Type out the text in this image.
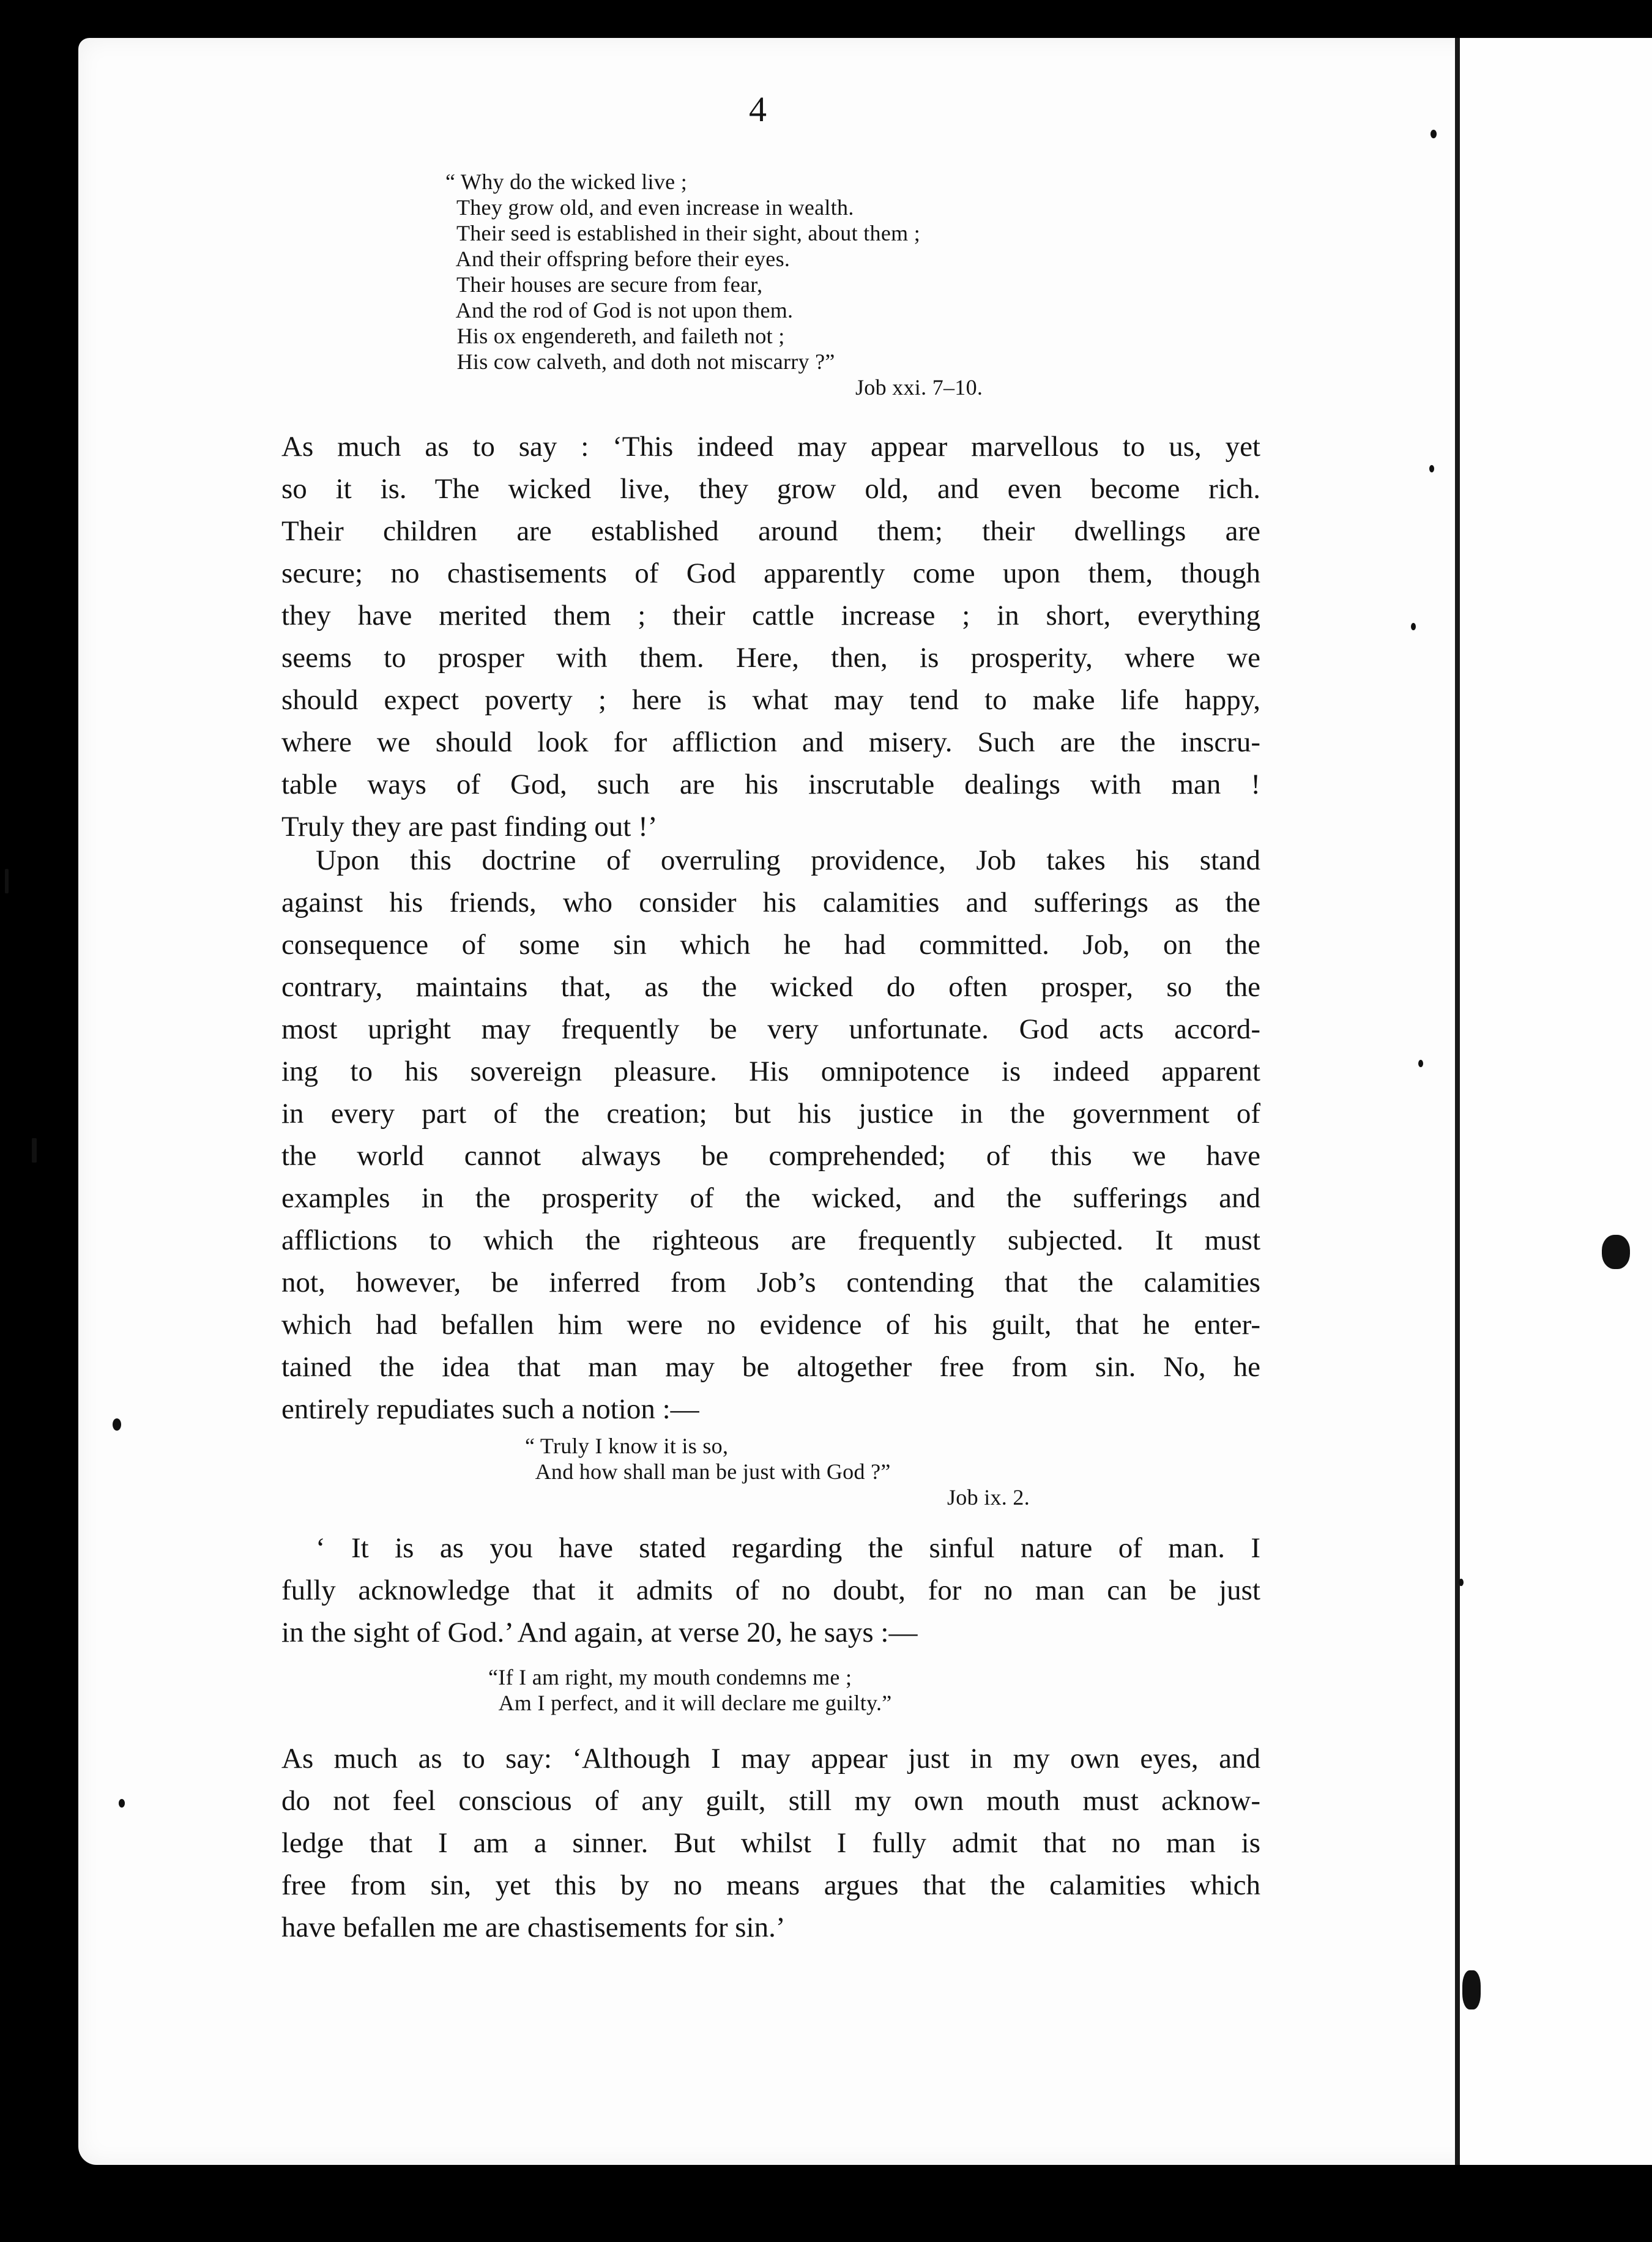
4
“ Why do the wicked live ;
They grow old, and even increase in wealth.
Their seed is established in their sight, about them ;
And their offspring before their eyes.
Their houses are secure from fear,
And the rod of God is not upon them.
His ox engendereth, and faileth not ;
His cow calveth, and doth not miscarry ?”
Job xxi. 7–10.
As much as to say : ‘This indeed may appear marvellous to us, yet
so it is. The wicked live, they grow old, and even become rich.
Their children are established around them; their dwellings are
secure; no chastisements of God apparently come upon them, though
they have merited them ; their cattle increase ; in short, everything
seems to prosper with them. Here, then, is prosperity, where we
should expect poverty ; here is what may tend to make life happy,
where we should look for affliction and misery. Such are the inscru-
table ways of God, such are his inscrutable dealings with man !
Truly they are past finding out !’
Upon this doctrine of overruling providence, Job takes his stand
against his friends, who consider his calamities and sufferings as the
consequence of some sin which he had committed. Job, on the
contrary, maintains that, as the wicked do often prosper, so the
most upright may frequently be very unfortunate. God acts accord-
ing to his sovereign pleasure. His omnipotence is indeed apparent
in every part of the creation; but his justice in the government of
the world cannot always be comprehended; of this we have
examples in the prosperity of the wicked, and the sufferings and
afflictions to which the righteous are frequently subjected. It must
not, however, be inferred from Job’s contending that the calamities
which had befallen him were no evidence of his guilt, that he enter-
tained the idea that man may be altogether free from sin. No, he
entirely repudiates such a notion :—
“ Truly I know it is so,
And how shall man be just with God ?”
Job ix. 2.
‘ It is as you have stated regarding the sinful nature of man. I
fully acknowledge that it admits of no doubt, for no man can be just
in the sight of God.’ And again, at verse 20, he says :—
“If I am right, my mouth condemns me ;
Am I perfect, and it will declare me guilty.”
As much as to say: ‘Although I may appear just in my own eyes, and
do not feel conscious of any guilt, still my own mouth must acknow-
ledge that I am a sinner. But whilst I fully admit that no man is
free from sin, yet this by no means argues that the calamities which
have befallen me are chastisements for sin.’
